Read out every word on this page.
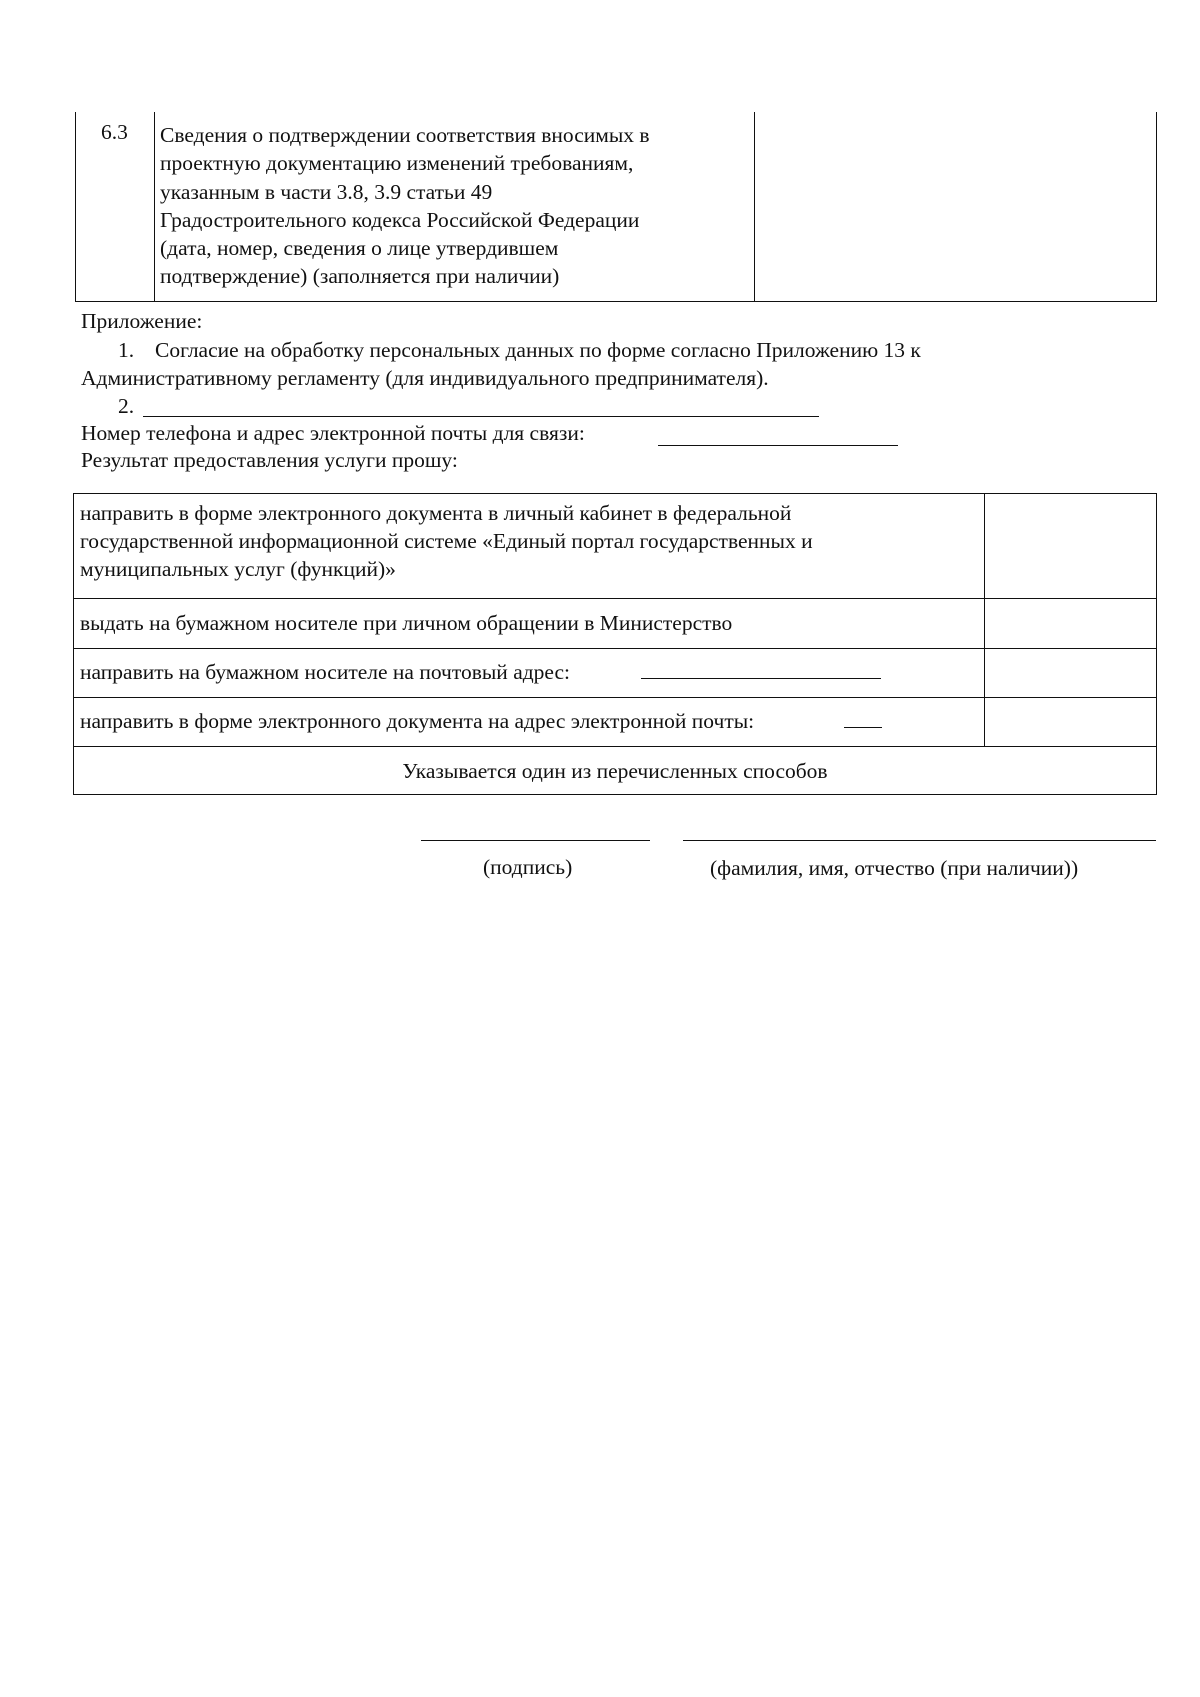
6.3 Сведения о подтверждении соответствия вносимых в
проектную документацию изменений требованиям,
указанным в части 3.8, 3.9 статьи 49
Градостроительного кодекса Российской Федерации
(дата, номер, сведения о лице утвердившем
подтверждение) (заполняется при наличии)
Приложение:
1. Согласие на обработку персональных данных по форме согласно Приложению 13 к
Административному регламенту (для индивидуального предпринимателя).
2.
Номер телефона и адрес электронной почты для связи:
Результат предоставления услуги прошу:
направить в форме электронного документа в личный кабинет в федеральной
государственной информационной системе «Единый портал государственных и
муниципальных услуг (функций)»
выдать на бумажном носителе при личном обращении в Министерство
направить на бумажном носителе на почтовый адрес:
направить в форме электронного документа на адрес электронной почты:
Указывается один из перечисленных способов
(подпись)	(фамилия, имя, отчество (при наличии))
